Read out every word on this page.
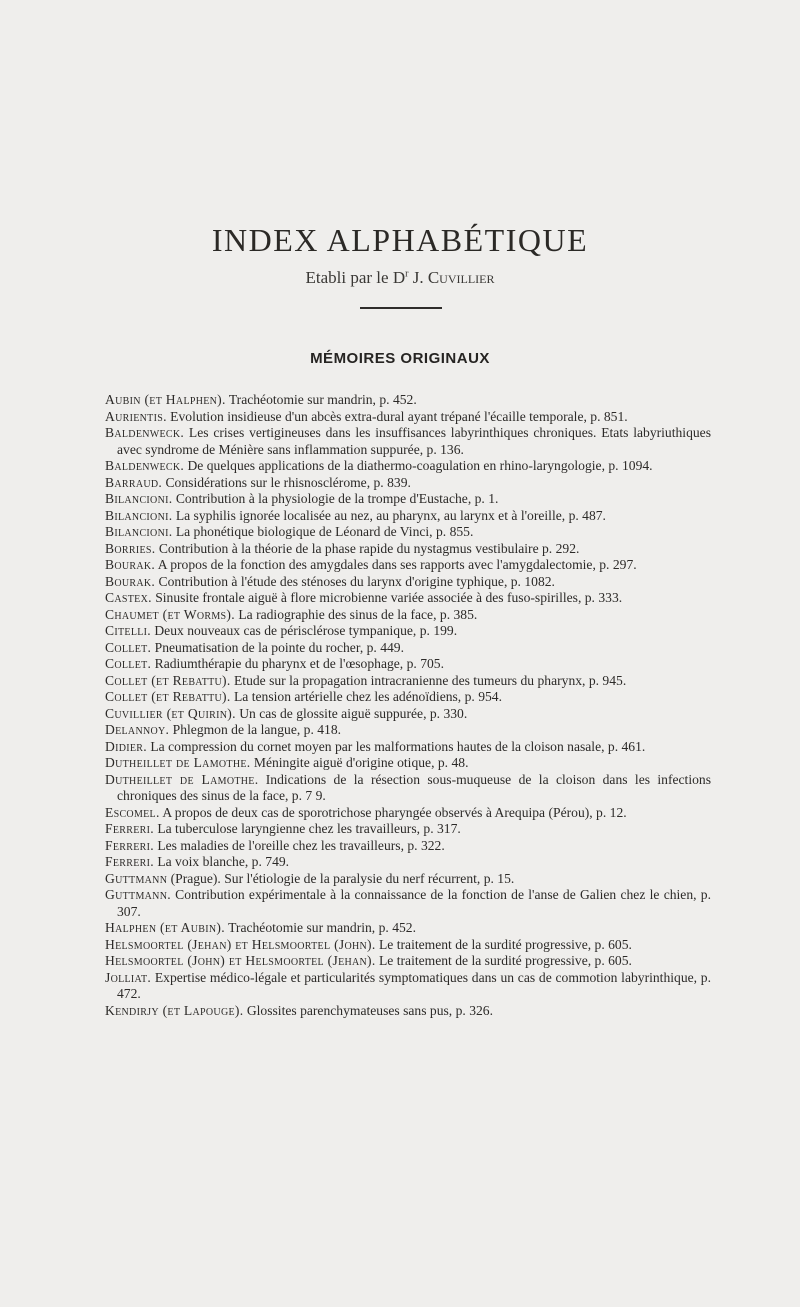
INDEX ALPHABÉTIQUE
Etabli par le $D^r$ J. Cuvillier
MÉMOIRES ORIGINAUX

Aubin (et Halphen). Trachéotomie sur mandrin, p. 452.

Aurientis. Evolution insidieuse d'un abcès extra-dural ayant trépané l'écaille temporale, p. 851.

Baldenweck. Les crises vertigineuses dans les insuffisances labyrinthiques chroniques. Etats labyriuthiques avec syndrome de Ménière sans inflammation suppurée, p. 136.

Baldenweck. De quelques applications de la diathermo-coagulation en rhino-laryngologie, p. 1094.

Barraud. Considérations sur le rhisnosclérome, p. 839.

Bilancioni. Contribution à la physiologie de la trompe d'Eustache, p. 1.

Bilancioni. La syphilis ignorée localisée au nez, au pharynx, au larynx et à l'oreille, p. 487.

Bilancioni. La phonétique biologique de Léonard de Vinci, p. 855.

Borries. Contribution à la théorie de la phase rapide du nystagmus vestibulaire p. 292.

Bourak. A propos de la fonction des amygdales dans ses rapports avec l'amygdalectomie, p. 297.

Bourak. Contribution à l'étude des sténoses du larynx d'origine typhique, p. 1082.

Castex. Sinusite frontale aiguë à flore microbienne variée associée à des fuso-spirilles, p. 333.

Chaumet (et Worms). La radiographie des sinus de la face, p. 385.

Citelli. Deux nouveaux cas de périsclérose tympanique, p. 199.

Collet. Pneumatisation de la pointe du rocher, p. 449.

Collet. Radiumthérapie du pharynx et de l'œsophage, p. 705.

Collet (et Rebattu). Etude sur la propagation intracranienne des tumeurs du pharynx, p. 945.

Collet (et Rebattu). La tension artérielle chez les adénoïdiens, p. 954.

Cuvillier (et Quirin). Un cas de glossite aiguë suppurée, p. 330.

Delannoy. Phlegmon de la langue, p. 418.

Didier. La compression du cornet moyen par les malformations hautes de la cloison nasale, p. 461.

Dutheillet de Lamothe. Méningite aiguë d'origine otique, p. 48.

Dutheillet de Lamothe. Indications de la résection sous-muqueuse de la cloison dans les infections chroniques des sinus de la face, p. 7 9.

Escomel. A propos de deux cas de sporotrichose pharyngée observés à Arequipa (Pérou), p. 12.

Ferreri. La tuberculose laryngienne chez les travailleurs, p. 317.

Ferreri. Les maladies de l'oreille chez les travailleurs, p. 322.

Ferreri. La voix blanche, p. 749.

Guttmann (Prague). Sur l'étiologie de la paralysie du nerf récurrent, p. 15.

Guttmann. Contribution expérimentale à la connaissance de la fonction de l'anse de Galien chez le chien, p. 307.

Halphen (et Aubin). Trachéotomie sur mandrin, p. 452.

Helsmoortel (Jehan) et Helsmoortel (John). Le traitement de la surdité progressive, p. 605.

Helsmoortel (John) et Helsmoortel (Jehan). Le traitement de la surdité progressive, p. 605.

Jolliat. Expertise médico-légale et particularités symptomatiques dans un cas de commotion labyrinthique, p. 472.

Kendirjy (et Lapouge). Glossites parenchymateuses sans pus, p. 326.
